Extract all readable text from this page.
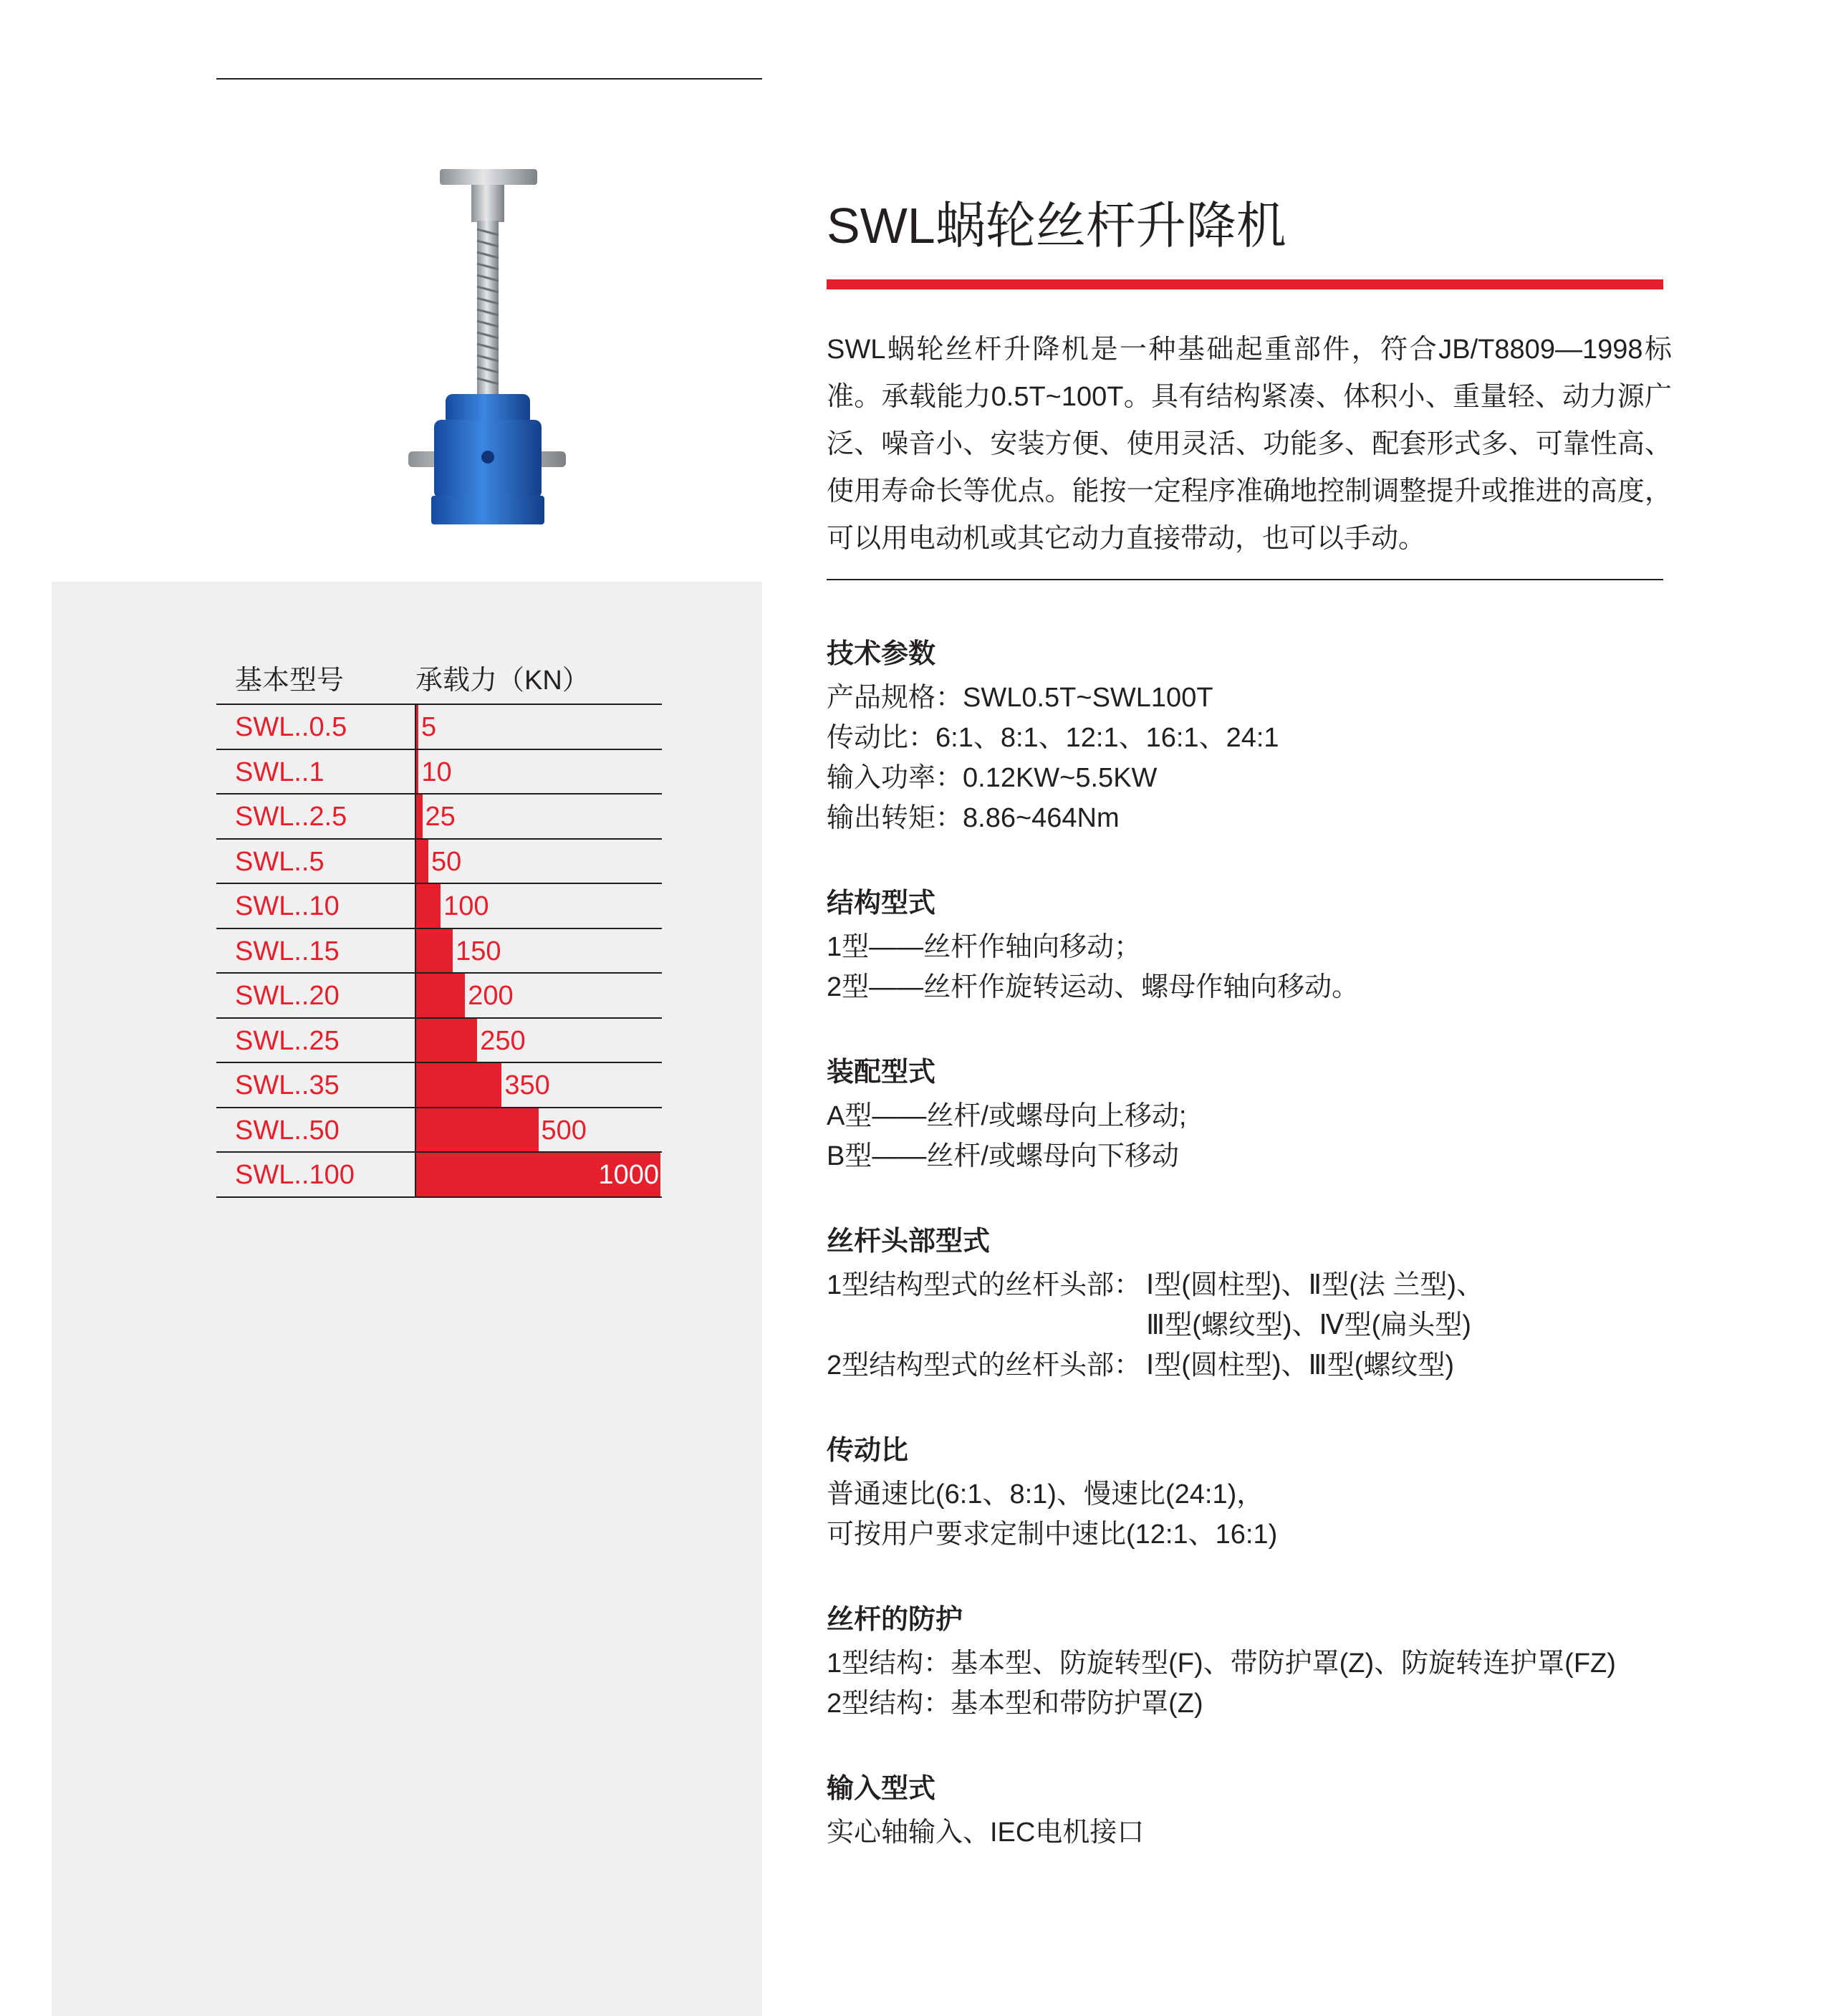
SWL蜗轮丝杆升降机
SWL蜗轮丝杆升降机是一种基础起重部件，符合JB/T8809—1998标准。承载能力0.5T~100T。具有结构紧凑、体积小、重量轻、动力源广泛、噪音小、安装方便、使用灵活、功能多、配套形式多、可靠性高、使用寿命长等优点。能按一定程序准确地控制调整提升或推进的高度，可以用电动机或其它动力直接带动，也可以手动。
基本型号	承载力（KN）
SWL..0.5	5
SWL..1	10
SWL..2.5	25
SWL..5	50
SWL..10	100
SWL..15	150
SWL..20	200
SWL..25	250
SWL..35	350
SWL..50	500
SWL..100	1000
技术参数
产品规格：SWL0.5T~SWL100T
传动比：6:1、8:1、12:1、16:1、24:1
输入功率：0.12KW~5.5KW
输出转矩：8.86~464Nm
结构型式
1型——丝杆作轴向移动；
2型——丝杆作旋转运动、螺母作轴向移动。
装配型式
A型——丝杆/或螺母向上移动;
B型——丝杆/或螺母向下移动
丝杆头部型式
1型结构型式的丝杆头部： Ⅰ型(圆柱型)、Ⅱ型(法 兰型)、
Ⅲ型(螺纹型)、Ⅳ型(扁头型)
2型结构型式的丝杆头部： Ⅰ型(圆柱型)、Ⅲ型(螺纹型)
传动比
普通速比(6:1、8:1)、慢速比(24:1)，
可按用户要求定制中速比(12:1、16:1)
丝杆的防护
1型结构：基本型、防旋转型(F)、带防护罩(Z)、防旋转连护罩(FZ)
2型结构：基本型和带防护罩(Z)
输入型式
实心轴输入、IEC电机接口
